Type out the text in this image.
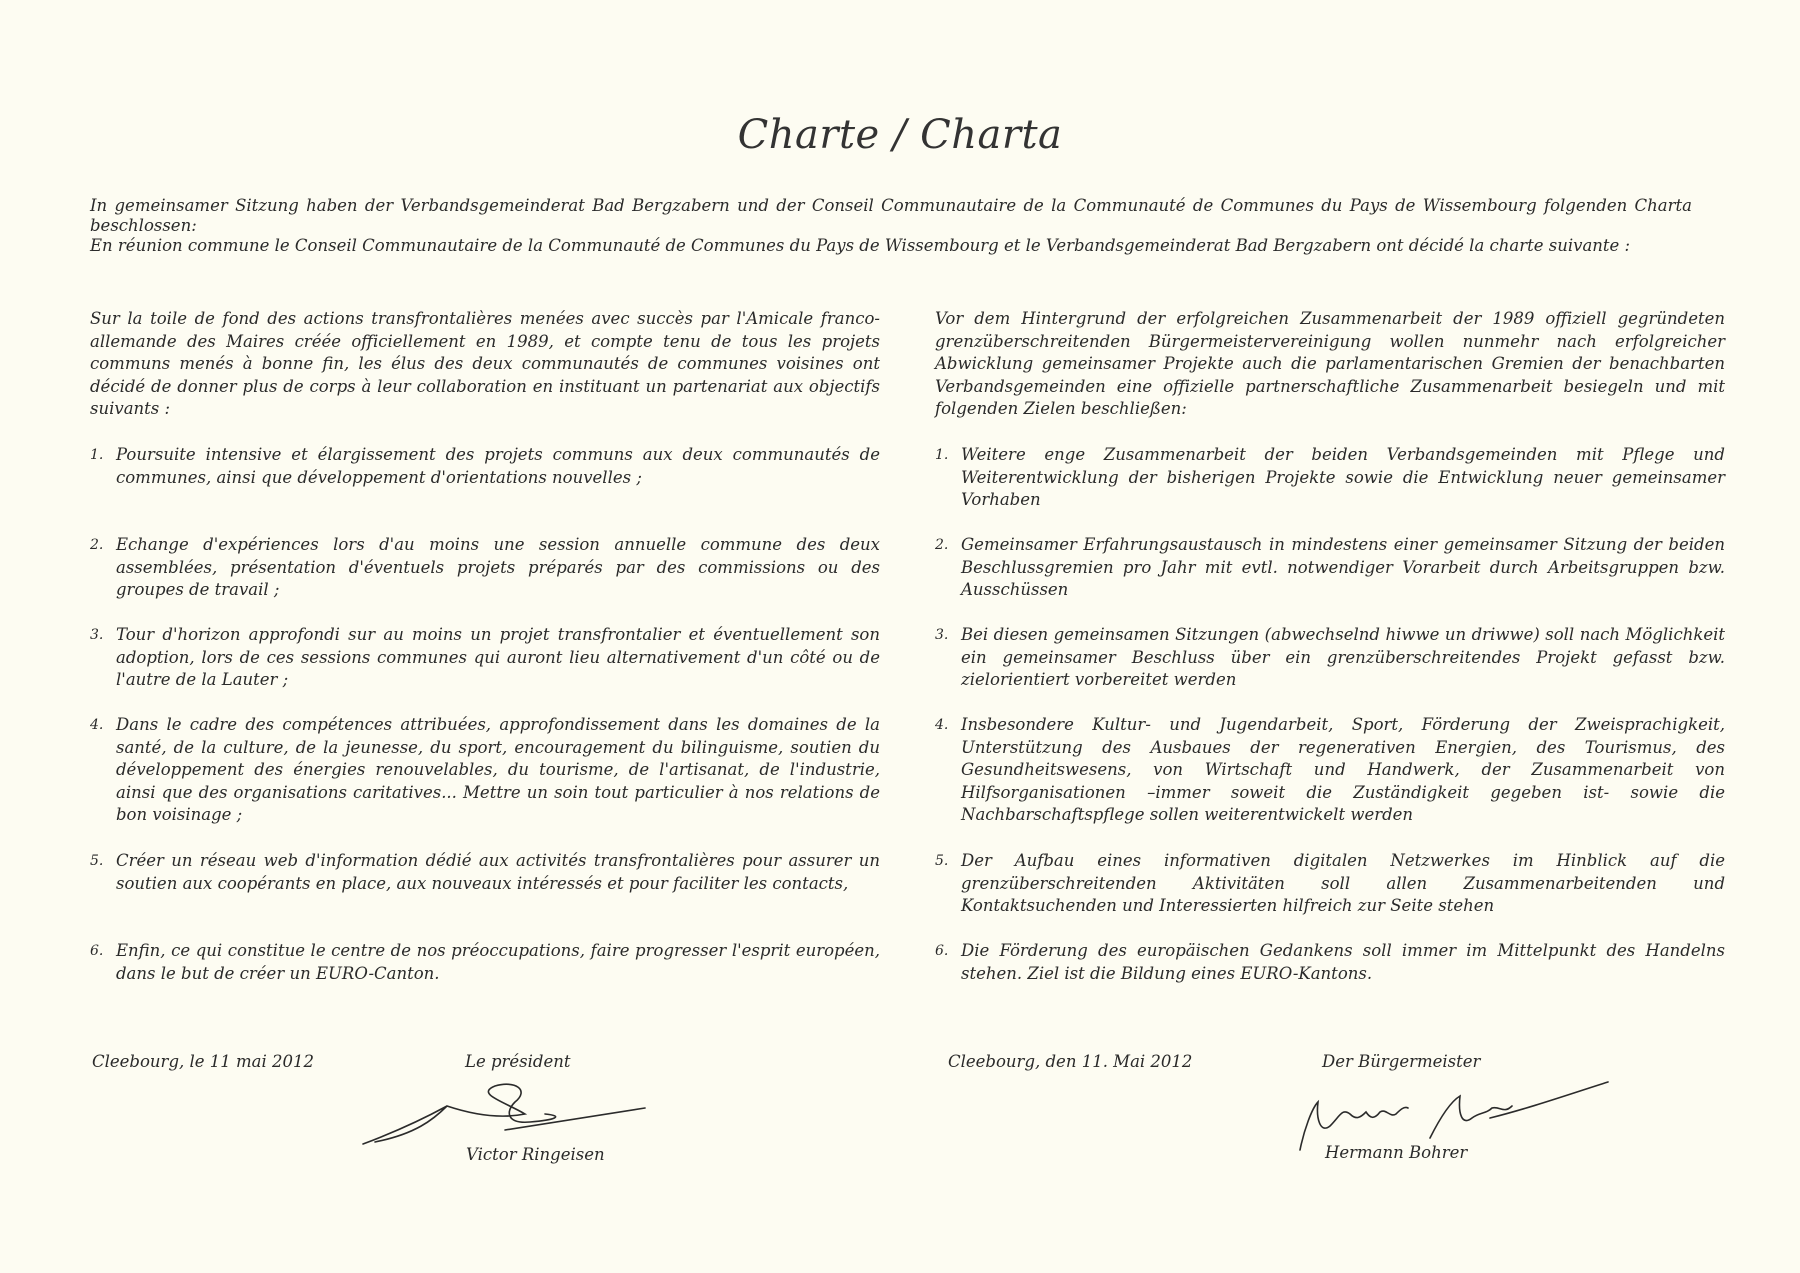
Charte / Charta

In gemeinsamer Sitzung haben der Verbandsgemeinderat Bad Bergzabern und der Conseil Communautaire de la Communauté de Communes du Pays de Wissembourg folgenden Charta beschlossen:

En réunion commune le Conseil Communautaire de la Communauté de Communes du Pays de Wissembourg et le Verbandsgemeinderat Bad Bergzabern ont décidé la charte suivante :

Sur la toile de fond des actions transfrontalières menées avec succès par l'Amicale franco-allemande des Maires créée officiellement en 1989, et compte tenu de tous les projets communs menés à bonne fin, les élus des deux communautés de communes voisines ont décidé de donner plus de corps à leur collaboration en instituant un partenariat aux objectifs suivants :

1. Poursuite intensive et élargissement des projets communs aux deux communautés de communes, ainsi que développement d'orientations nouvelles ;
2. Echange d'expériences lors d'au moins une session annuelle commune des deux assemblées, présentation d'éventuels projets préparés par des commissions ou des groupes de travail ;
3. Tour d'horizon approfondi sur au moins un projet transfrontalier et éventuellement son adoption, lors de ces sessions communes qui auront lieu alternativement d'un côté ou de l'autre de la Lauter ;
4. Dans le cadre des compétences attribuées, approfondissement dans les domaines de la santé, de la culture, de la jeunesse, du sport, encouragement du bilinguisme, soutien du développement des énergies renouvelables, du tourisme, de l'artisanat, de l'industrie, ainsi que des organisations caritatives... Mettre un soin tout particulier à nos relations de bon voisinage ;
5. Créer un réseau web d'information dédié aux activités transfrontalières pour assurer un soutien aux coopérants en place, aux nouveaux intéressés et pour faciliter les contacts,
6. Enfin, ce qui constitue le centre de nos préoccupations, faire progresser l'esprit européen, dans le but de créer un EURO-Canton.

Vor dem Hintergrund der erfolgreichen Zusammenarbeit der 1989 offiziell gegründeten grenzüberschreitenden Bürgermeistervereinigung wollen nunmehr nach erfolgreicher Abwicklung gemeinsamer Projekte auch die parlamentarischen Gremien der benachbarten Verbandsgemeinden eine offizielle partnerschaftliche Zusammenarbeit besiegeln und mit folgenden Zielen beschließen:

1. Weitere enge Zusammenarbeit der beiden Verbandsgemeinden mit Pflege und Weiterentwicklung der bisherigen Projekte sowie die Entwicklung neuer gemeinsamer Vorhaben
2. Gemeinsamer Erfahrungsaustausch in mindestens einer gemeinsamer Sitzung der beiden Beschlussgremien pro Jahr mit evtl. notwendiger Vorarbeit durch Arbeitsgruppen bzw. Ausschüssen
3. Bei diesen gemeinsamen Sitzungen (abwechselnd hiwwe un driwwe) soll nach Möglichkeit ein gemeinsamer Beschluss über ein grenzüberschreitendes Projekt gefasst bzw. zielorientiert vorbereitet werden
4. Insbesondere Kultur- und Jugendarbeit, Sport, Förderung der Zweisprachigkeit, Unterstützung des Ausbaues der regenerativen Energien, des Tourismus, des Gesundheitswesens, von Wirtschaft und Handwerk, der Zusammenarbeit von Hilfsorganisationen –immer soweit die Zuständigkeit gegeben ist- sowie die Nachbarschaftspflege sollen weiterentwickelt werden
5. Der Aufbau eines informativen digitalen Netzwerkes im Hinblick auf die grenzüberschreitenden Aktivitäten soll allen Zusammenarbeitenden und Kontaktsuchenden und Interessierten hilfreich zur Seite stehen
6. Die Förderung des europäischen Gedankens soll immer im Mittelpunkt des Handelns stehen. Ziel ist die Bildung eines EURO-Kantons.
Cleebourg, le 11 mai 2012	Le président
Victor Ringeisen
Cleebourg, den 11. Mai 2012	Der Bürgermeister
Hermann Bohrer
